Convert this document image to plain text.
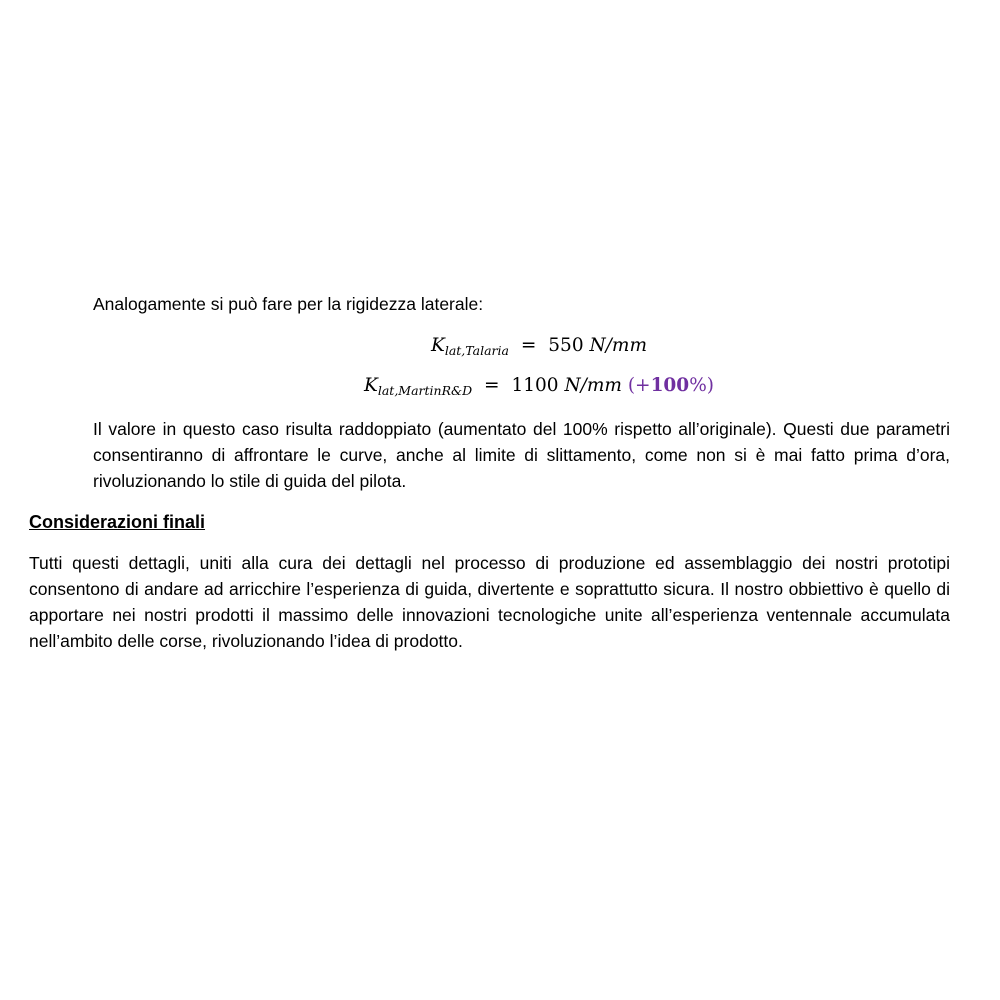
Analogamente si può fare per la rigidezza laterale:

$K_{lat,Talaria} = 550$ N/mm
$K_{lat,MartinR\&D} = 1100$ N/mm (+100%)

Il valore in questo caso risulta raddoppiato (aumentato del 100% rispetto all’originale). Questi due parametri consentiranno di affrontare le curve, anche al limite di slittamento, come non si è mai fatto prima d’ora, rivoluzionando lo stile di guida del pilota.

Considerazioni finali

Tutti questi dettagli, uniti alla cura dei dettagli nel processo di produzione ed assemblaggio dei nostri prototipi consentono di andare ad arricchire l’esperienza di guida, divertente e soprattutto sicura. Il nostro obbiettivo è quello di apportare nei nostri prodotti il massimo delle innovazioni tecnologiche unite all’esperienza ventennale accumulata nell’ambito delle corse, rivoluzionando l’idea di prodotto.
